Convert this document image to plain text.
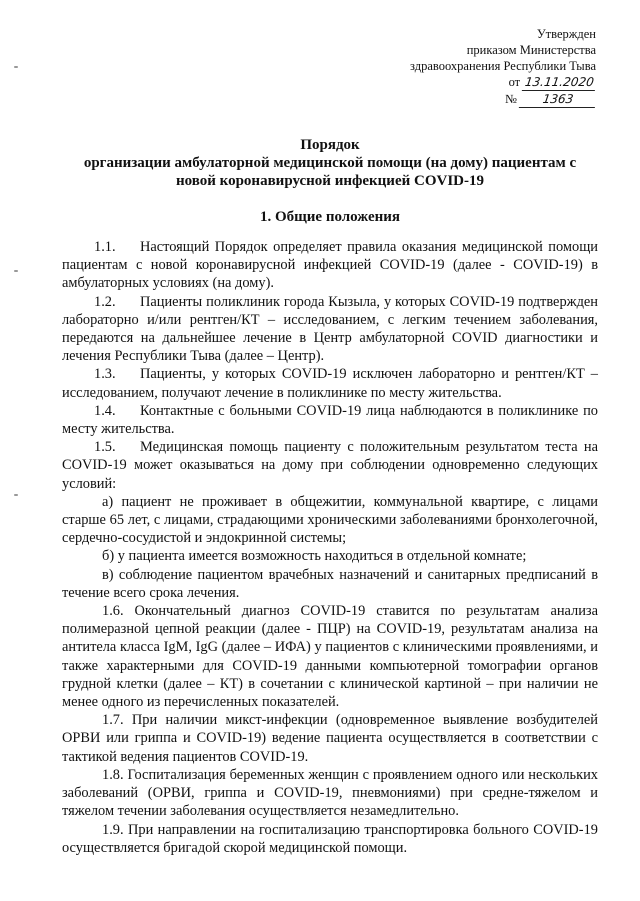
Утвержден
приказом Министерства
здравоохранения Республики Тыва
от 13.11.2020
№ 1363
Порядок
организации амбулаторной медицинской помощи (на дому) пациентам с
новой коронавирусной инфекцией COVID-19
1. Общие положения

1.1. Настоящий Порядок определяет правила оказания медицинской помощи пациентам с новой коронавирусной инфекцией COVID-19 (далее - COVID-19) в амбулаторных условиях (на дому).

1.2. Пациенты поликлиник города Кызыла, у которых COVID-19 подтвержден лабораторно и/или рентген/КТ – исследованием, с легким течением заболевания, передаются на дальнейшее лечение в Центр амбулаторной COVID диагностики и лечения Республики Тыва (далее – Центр).

1.3. Пациенты, у которых COVID-19 исключен лабораторно и рентген/КТ – исследованием, получают лечение в поликлинике по месту жительства.

1.4. Контактные с больными COVID-19 лица наблюдаются в поликлинике по месту жительства.

1.5. Медицинская помощь пациенту с положительным результатом теста на COVID-19 может оказываться на дому при соблюдении одновременно следующих условий:

а) пациент не проживает в общежитии, коммунальной квартире, с лицами старше 65 лет, с лицами, страдающими хроническими заболеваниями бронхолегочной, сердечно-сосудистой и эндокринной системы;

б) у пациента имеется возможность находиться в отдельной комнате;

в) соблюдение пациентом врачебных назначений и санитарных предписаний в течение всего срока лечения.

1.6. Окончательный диагноз COVID-19 ставится по результатам анализа полимеразной цепной реакции (далее - ПЦР) на COVID-19, результатам анализа на антитела класса IgM, IgG (далее – ИФА) у пациентов с клиническими проявлениями, и также характерными для COVID-19 данными компьютерной томографии органов грудной клетки (далее – КТ) в сочетании с клинической картиной – при наличии не менее одного из перечисленных показателей.

1.7. При наличии микст-инфекции (одновременное выявление возбудителей ОРВИ или гриппа и COVID-19) ведение пациента осуществляется в соответствии с тактикой ведения пациентов COVID-19.

1.8. Госпитализация беременных женщин с проявлением одного или нескольких заболеваний (ОРВИ, гриппа и COVID-19, пневмониями) при средне-тяжелом и тяжелом течении заболевания осуществляется незамедлительно.

1.9. При направлении на госпитализацию транспортировка больного COVID-19 осуществляется бригадой скорой медицинской помощи.
